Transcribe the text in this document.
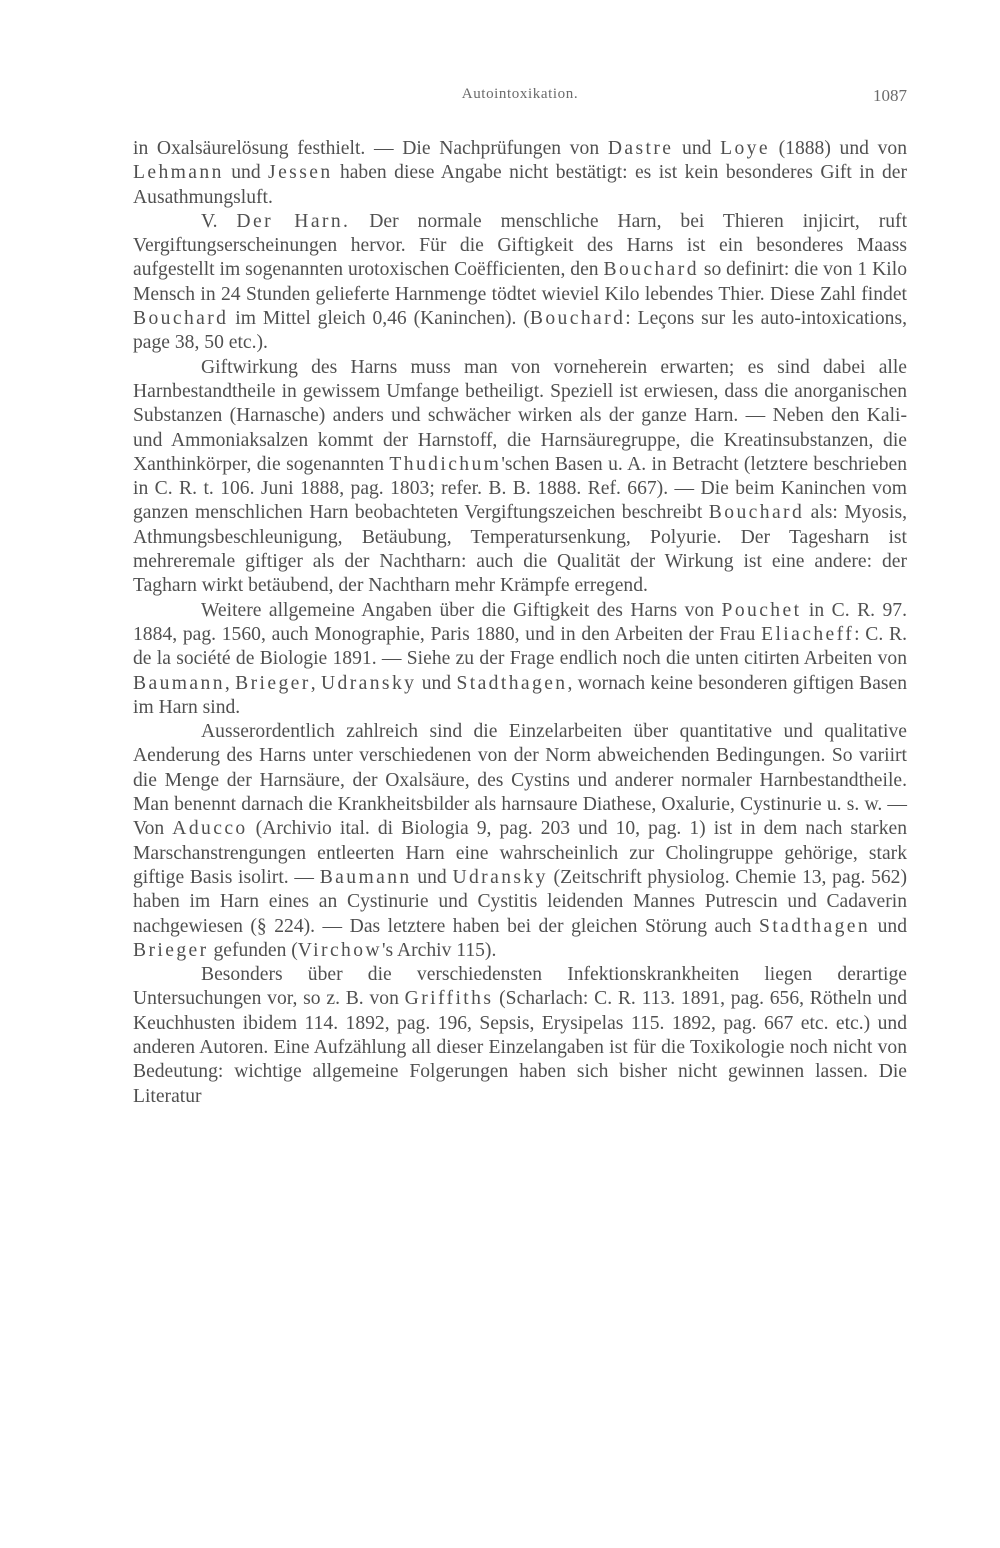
Autointoxikation.	1087

in Oxalsäurelösung festhielt. — Die Nachprüfungen von Dastre und Loye (1888) und von Lehmann und Jessen haben diese Angabe nicht bestätigt: es ist kein besonderes Gift in der Ausathmungsluft.

V. Der Harn. Der normale menschliche Harn, bei Thieren injicirt, ruft Vergiftungserscheinungen hervor. Für die Giftigkeit des Harns ist ein besonderes Maass aufgestellt im sogenannten urotoxischen Coëfficienten, den Bouchard so definirt: die von 1 Kilo Mensch in 24 Stunden gelieferte Harnmenge tödtet wieviel Kilo lebendes Thier. Diese Zahl findet Bouchard im Mittel gleich 0,46 (Kaninchen). (Bouchard: Leçons sur les auto-intoxications, page 38, 50 etc.).

Giftwirkung des Harns muss man von vorneherein erwarten; es sind dabei alle Harnbestandtheile in gewissem Umfange betheiligt. Speziell ist erwiesen, dass die anorganischen Substanzen (Harnasche) anders und schwächer wirken als der ganze Harn. — Neben den Kali- und Ammoniaksalzen kommt der Harnstoff, die Harnsäuregruppe, die Kreatinsubstanzen, die Xanthinkörper, die sogenannten Thudichum'schen Basen u. A. in Betracht (letztere beschrieben in C. R. t. 106. Juni 1888, pag. 1803; refer. B. B. 1888. Ref. 667). — Die beim Kaninchen vom ganzen menschlichen Harn beobachteten Vergiftungszeichen beschreibt Bouchard als: Myosis, Athmungsbeschleunigung, Betäubung, Temperatursenkung, Polyurie. Der Tagesharn ist mehreremale giftiger als der Nachtharn: auch die Qualität der Wirkung ist eine andere: der Tagharn wirkt betäubend, der Nachtharn mehr Krämpfe erregend.

Weitere allgemeine Angaben über die Giftigkeit des Harns von Pouchet in C. R. 97. 1884, pag. 1560, auch Monographie, Paris 1880, und in den Arbeiten der Frau Eliacheff: C. R. de la société de Biologie 1891. — Siehe zu der Frage endlich noch die unten citirten Arbeiten von Baumann, Brieger, Udransky und Stadthagen, wornach keine besonderen giftigen Basen im Harn sind.

Ausserordentlich zahlreich sind die Einzelarbeiten über quantitative und qualitative Aenderung des Harns unter verschiedenen von der Norm abweichenden Bedingungen. So variirt die Menge der Harnsäure, der Oxalsäure, des Cystins und anderer normaler Harnbestandtheile. Man benennt darnach die Krankheitsbilder als harnsaure Diathese, Oxalurie, Cystinurie u. s. w. — Von Aducco (Archivio ital. di Biologia 9, pag. 203 und 10, pag. 1) ist in dem nach starken Marschanstrengungen entleerten Harn eine wahrscheinlich zur Cholingruppe gehörige, stark giftige Basis isolirt. — Baumann und Udransky (Zeitschrift physiolog. Chemie 13, pag. 562) haben im Harn eines an Cystinurie und Cystitis leidenden Mannes Putrescin und Cadaverin nachgewiesen (§ 224). — Das letztere haben bei der gleichen Störung auch Stadthagen und Brieger gefunden (Virchow's Archiv 115).

Besonders über die verschiedensten Infektionskrankheiten liegen derartige Untersuchungen vor, so z. B. von Griffiths (Scharlach: C. R. 113. 1891, pag. 656, Rötheln und Keuchhusten ibidem 114. 1892, pag. 196, Sepsis, Erysipelas 115. 1892, pag. 667 etc. etc.) und anderen Autoren. Eine Aufzählung all dieser Einzelangaben ist für die Toxikologie noch nicht von Bedeutung: wichtige allgemeine Folgerungen haben sich bisher nicht gewinnen lassen. Die Literatur
